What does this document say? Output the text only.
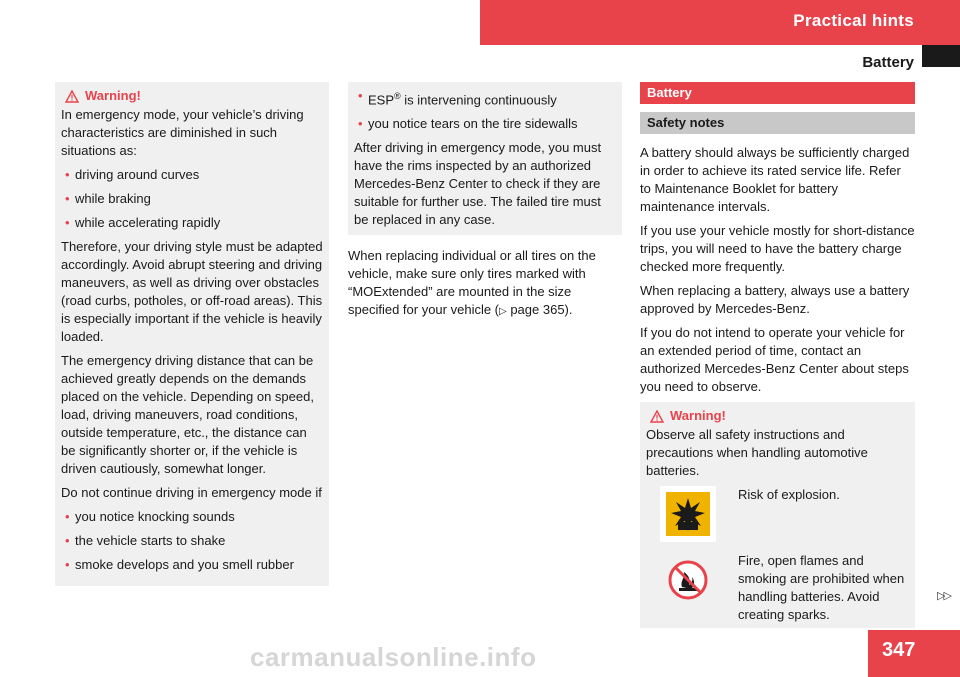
Practical hints
Battery
Warning!

In emergency mode, your vehicle’s driving characteristics are diminished in such situations as:

• driving around curves
• while braking
• while accelerating rapidly

Therefore, your driving style must be adapted accordingly. Avoid abrupt steering and driving maneuvers, as well as driving over obstacles (road curbs, potholes, or off-road areas). This is especially important if the vehicle is heavily loaded.

The emergency driving distance that can be achieved greatly depends on the demands placed on the vehicle. Depending on speed, load, driving maneuvers, road conditions, outside temperature, etc., the distance can be significantly shorter or, if the vehicle is driven cautiously, somewhat longer.

Do not continue driving in emergency mode if

• you notice knocking sounds
• the vehicle starts to shake
• smoke develops and you smell rubber
• ESP® is intervening continuously
• you notice tears on the tire sidewalls

After driving in emergency mode, you must have the rims inspected by an authorized Mercedes-Benz Center to check if they are suitable for further use. The failed tire must be replaced in any case.

When replacing individual or all tires on the vehicle, make sure only tires marked with “MOExtended” are mounted in the size specified for your vehicle (▷ page 365).

Battery
Safety notes

A battery should always be sufficiently charged in order to achieve its rated service life. Refer to Maintenance Booklet for battery maintenance intervals.

If you use your vehicle mostly for short-distance trips, you will need to have the battery charge checked more frequently.

When replacing a battery, always use a battery approved by Mercedes-Benz.

If you do not intend to operate your vehicle for an extended period of time, contact an authorized Mercedes-Benz Center about steps you need to observe.

Warning!

Observe all safety instructions and precautions when handling automotive batteries.

Risk of explosion.
Fire, open flames and smoking are prohibited when handling batteries. Avoid creating sparks.
▷▷
carmanualsonline.info	347
